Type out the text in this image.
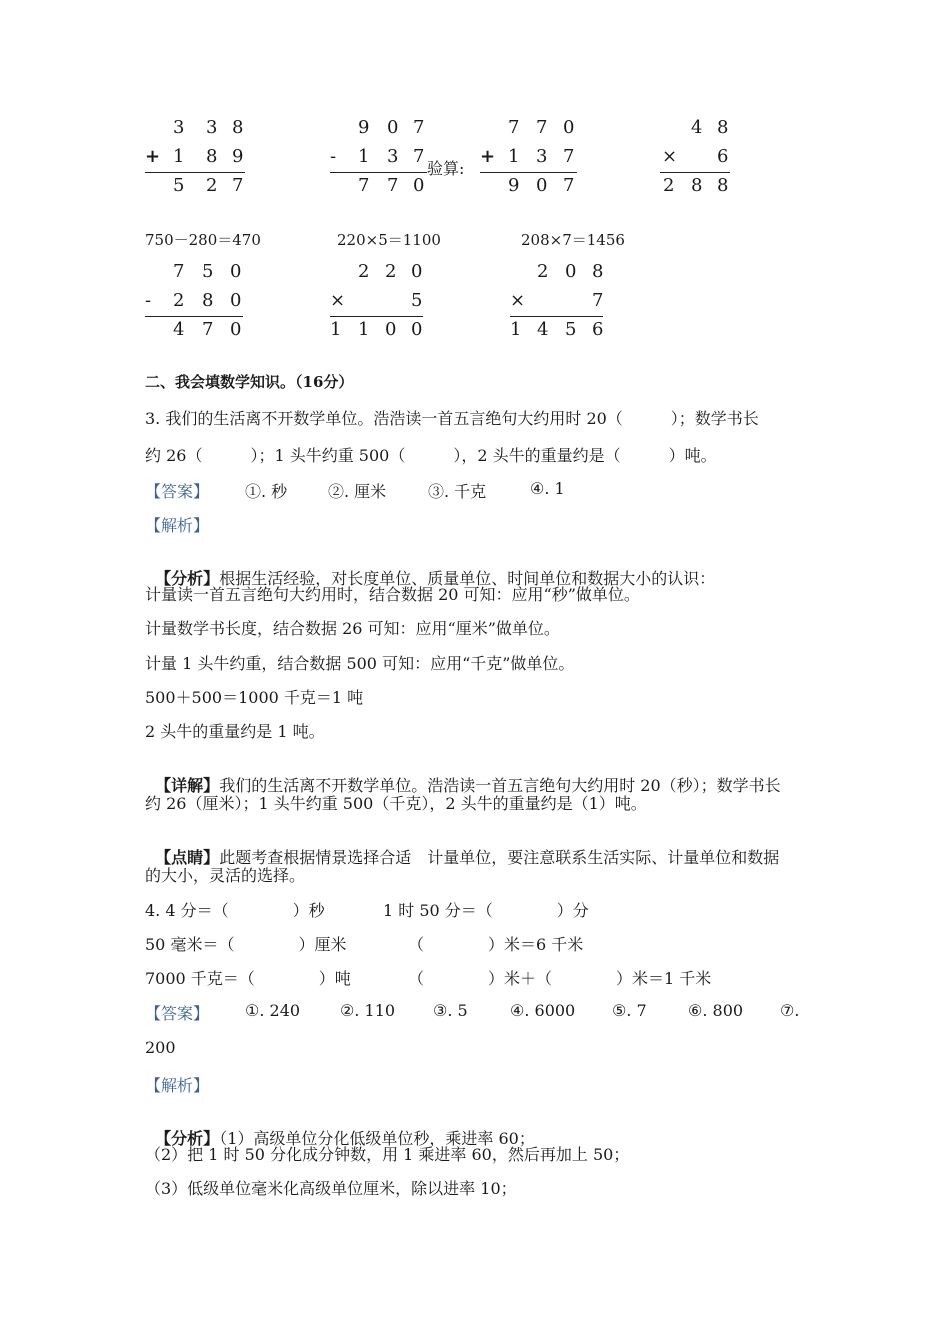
3 3 8
+ 1 8 9
5 2 7
9 0 7
- 1 3 7
7 7 0
验算:
7 7 0
+ 1 3 7
9 0 7
4 8
× 6
2 8 8
750－280＝470	220×5＝1100	208×7＝1456
7 5 0
- 2 8 0
4 7 0
2 2 0
×	5
1 1 0 0
2 0 8
×	7
1 4 5 6
二、我会填数学知识。（16分）
3. 我们的生活离不开数学单位。浩浩读一首五言绝句大约用时 20（　　　）；数学书长
约 26（　　　）；1 头牛约重 500（　　　），2 头牛的重量约是（　　　）吨。
【答案】 ①. 秒	②. 厘米	③. 千克	④. 1
【解析】

【分析】根据生活经验，对长度单位、质量单位、时间单位和数据大小的认识：

计量读一首五言绝句大约用时，结合数据 20 可知：应用“秒”做单位。
计量数学书长度，结合数据 26 可知：应用“厘米”做单位。
计量 1 头牛约重，结合数据 500 可知：应用“千克”做单位。
500＋500＝1000 千克＝1 吨
2 头牛的重量约是 1 吨。

【详解】我们的生活离不开数学单位。浩浩读一首五言绝句大约用时 20（秒）；数学书长

约 26（厘米）；1 头牛约重 500（千克），2 头牛的重量约是（1）吨。

【点睛】此题考查根据情景选择合适　计量单位，要注意联系生活实际、计量单位和数据

的大小，灵活的选择。
4. 4 分＝（　　　　）秒	1 时 50 分＝（　　　　）分
50 毫米＝（　　　　）厘米	（　　　　）米＝6 千米
7000 千克＝（　　　　）吨	（　　　　）米＋（　　　　）米＝1 千米
【答案】 ①. 240 ②. 110 ③. 5	④. 6000 ⑤. 7	⑥. 800 ⑦.
200
【解析】

【分析】（1）高级单位分化低级单位秒，乘进率 60；

（2）把 1 时 50 分化成分钟数，用 1 乘进率 60，然后再加上 50；
（3）低级单位毫米化高级单位厘米，除以进率 10；
